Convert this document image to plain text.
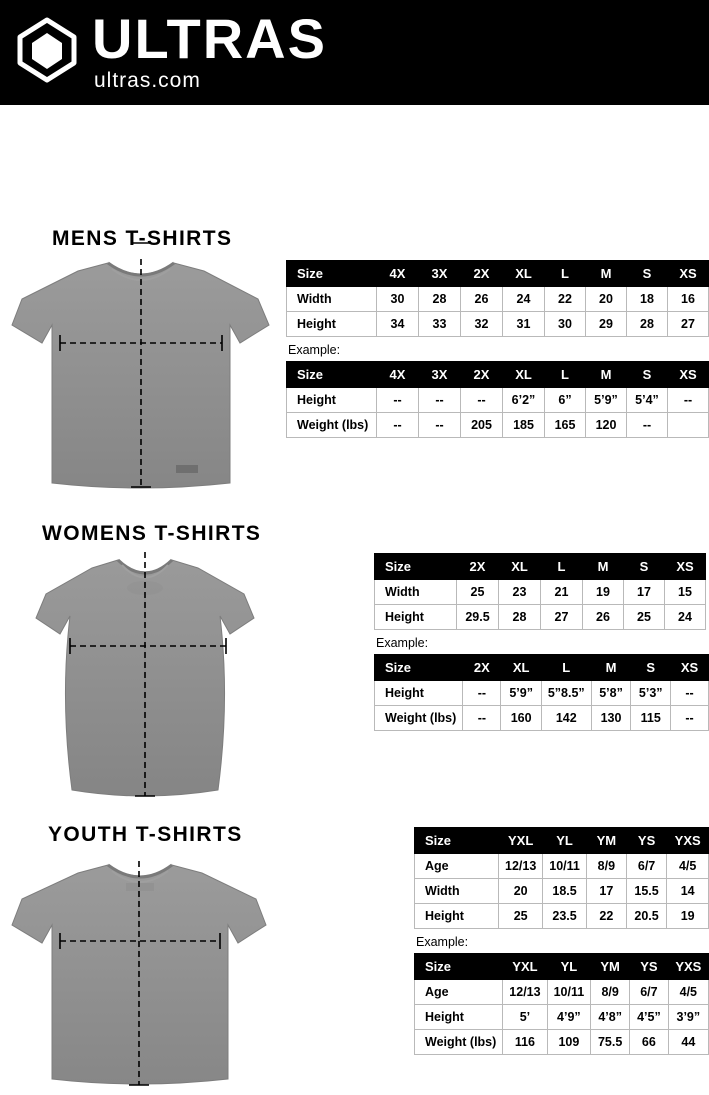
ULTRAS
ultras.com
MENS T-SHIRTS
Size	4X	3X	2X	XL	L	M	S	XS
Width	30	28	26	24	22	20	18	16
Height	34	33	32	31	30	29	28	27
Example:
Size	4X	3X	2X	XL	L	M	S	XS
Height	--	--	--	6’2”	6”	5’9”	5’4”	--
Weight (lbs)	--	--	205	185	165	120	--	
WOMENS T-SHIRTS
Size	2X	XL	L	M	S	XS
Width	25	23	21	19	17	15
Height	29.5	28	27	26	25	24
Example:
Size	2X	XL	L	M	S	XS
Height	--	5’9”	5”8.5”	5’8”	5’3”	--
Weight (lbs)	--	160	142	130	115	--
YOUTH T-SHIRTS	Size	YXL	YL	YM	YS	YXS
Age	12/13	10/11	8/9	6/7	4/5
Width	20	18.5	17	15.5	14
Height	25	23.5	22	20.5	19
Example:
Size	YXL	YL	YM	YS	YXS
Age	12/13	10/11	8/9	6/7	4/5
Height	5’	4’9”	4’8”	4’5”	3’9”
Weight (lbs)	116	109	75.5	66	44
